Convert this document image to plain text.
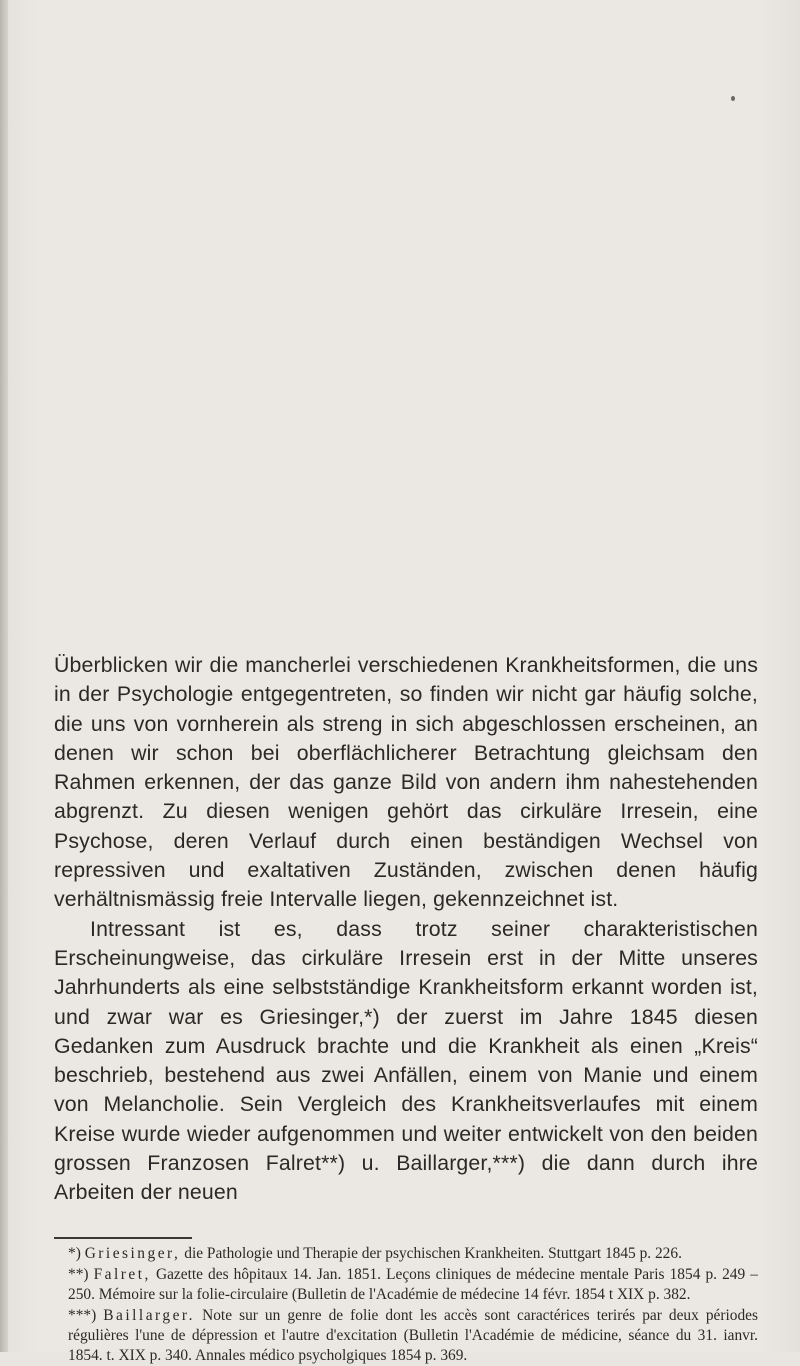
Überblicken wir die mancherlei verschiedenen Krankheitsformen, die uns in der Psychologie entgegentreten, so finden wir nicht gar häufig solche, die uns von vornherein als streng in sich abgeschlossen erscheinen, an denen wir schon bei oberflächlicherer Betrachtung gleichsam den Rahmen erkennen, der das ganze Bild von andern ihm nahestehenden abgrenzt. Zu diesen wenigen gehört das cirkuläre Irresein, eine Psychose, deren Verlauf durch einen beständigen Wechsel von repressiven und exaltativen Zuständen, zwischen denen häufig verhältnismässig freie Intervalle liegen, gekennzeichnet ist.

Intressant ist es, dass trotz seiner charakteristischen Erscheinungweise, das cirkuläre Irresein erst in der Mitte unseres Jahrhunderts als eine selbstständige Krankheitsform erkannt worden ist, und zwar war es Griesinger,*) der zuerst im Jahre 1845 diesen Gedanken zum Ausdruck brachte und die Krankheit als einen „Kreis“ beschrieb, bestehend aus zwei Anfällen, einem von Manie und einem von Melancholie. Sein Vergleich des Krankheitsverlaufes mit einem Kreise wurde wieder aufgenommen und weiter entwickelt von den beiden grossen Franzosen Falret**) u. Baillarger,***) die dann durch ihre Arbeiten der neuen

*) Griesinger, die Pathologie und Therapie der psychischen Krankheiten. Stuttgart 1845 p. 226.

**) Falret, Gazette des hôpitaux 14. Jan. 1851. Leçons cliniques de médecine mentale Paris 1854 p. 249 – 250. Mémoire sur la folie-circulaire (Bulletin de l'Académie de médecine 14 févr. 1854 t XIX p. 382.

***) Baillarger. Note sur un genre de folie dont les accès sont caractérices terirés par deux périodes régulières l'une de dépression et l'autre d'excitation (Bulletin l'Académie de médicine, séance du 31. ianvr. 1854. t. XIX p. 340. Annales médico psycholgiques 1854 p. 369.
